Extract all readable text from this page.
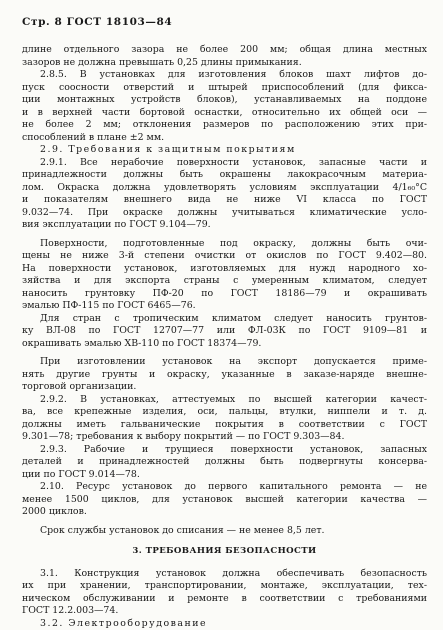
Стр. 8 ГОСТ 18103—84
длине отдельного зазора не более 200 мм; общая длина местных
зазоров не должна превышать 0,25 длины примыкания.
2.8.5. В установках для изготовления блоков шахт лифтов до-
пуск соосности отверстий и штырей приспособлений (для фикса-
ции монтажных устройств блоков), устанавливаемых на поддоне
и в верхней части бортовой оснастки, относительно их общей оси —
не более 2 мм; отклонения размеров по расположению этих при-
способлений в плане ±2 мм.
2.9. Требования к защитным покрытиям
2.9.1. Все нерабочие поверхности установок, запасные части и
принадлежности должны быть окрашены лакокрасочным материа-
лом. Окраска должна удовлетворять условиям эксплуатации 4/1₆₀°C
и показателям внешнего вида не ниже VI класса по ГОСТ
9.032—74. При окраске должны учитываться климатические усло-
вия эксплуатации по ГОСТ 9.104—79.
Поверхности, подготовленные под окраску, должны быть очи-
щены не ниже 3-й степени очистки от окислов по ГОСТ 9.402—80.
На поверхности установок, изготовляемых для нужд народного хо-
зяйства и для экспорта страны с умеренным климатом, следует
наносить грунтовку ПФ-20 по ГОСТ 18186—79 и окрашивать
эмалью ПФ-115 по ГОСТ 6465—76.
Для стран с тропическим климатом следует наносить грунтов-
ку ВЛ-08 по ГОСТ 12707—77 или ФЛ-03К по ГОСТ 9109—81 и
окрашивать эмалью ХВ-110 по ГОСТ 18374—79.
При изготовлении установок на экспорт допускается приме-
нять другие грунты и окраску, указанные в заказе-наряде внешне-
торговой организации.
2.9.2. В установках, аттестуемых по высшей категории качест-
ва, все крепежные изделия, оси, пальцы, втулки, ниппели и т. д.
должны иметь гальванические покрытия в соответствии с ГОСТ
9.301—78; требования к выбору покрытий — по ГОСТ 9.303—84.
2.9.3. Рабочие и трущиеся поверхности установок, запасных
деталей и принадлежностей должны быть подвергнуты консерва-
ции по ГОСТ 9.014—78.
2.10. Ресурс установок до первого капитального ремонта — не
менее 1500 циклов, для установок высшей категории качества —
2000 циклов.
Срок службы установок до списания — не менее 8,5 лет.
3. ТРЕБОВАНИЯ БЕЗОПАСНОСТИ
3.1. Конструкция установок должна обеспечивать безопасность
их при хранении, транспортировании, монтаже, эксплуатации, тех-
ническом обслуживании и ремонте в соответствии с требованиями
ГОСТ 12.2.003—74.
3.2. Электрооборудование
